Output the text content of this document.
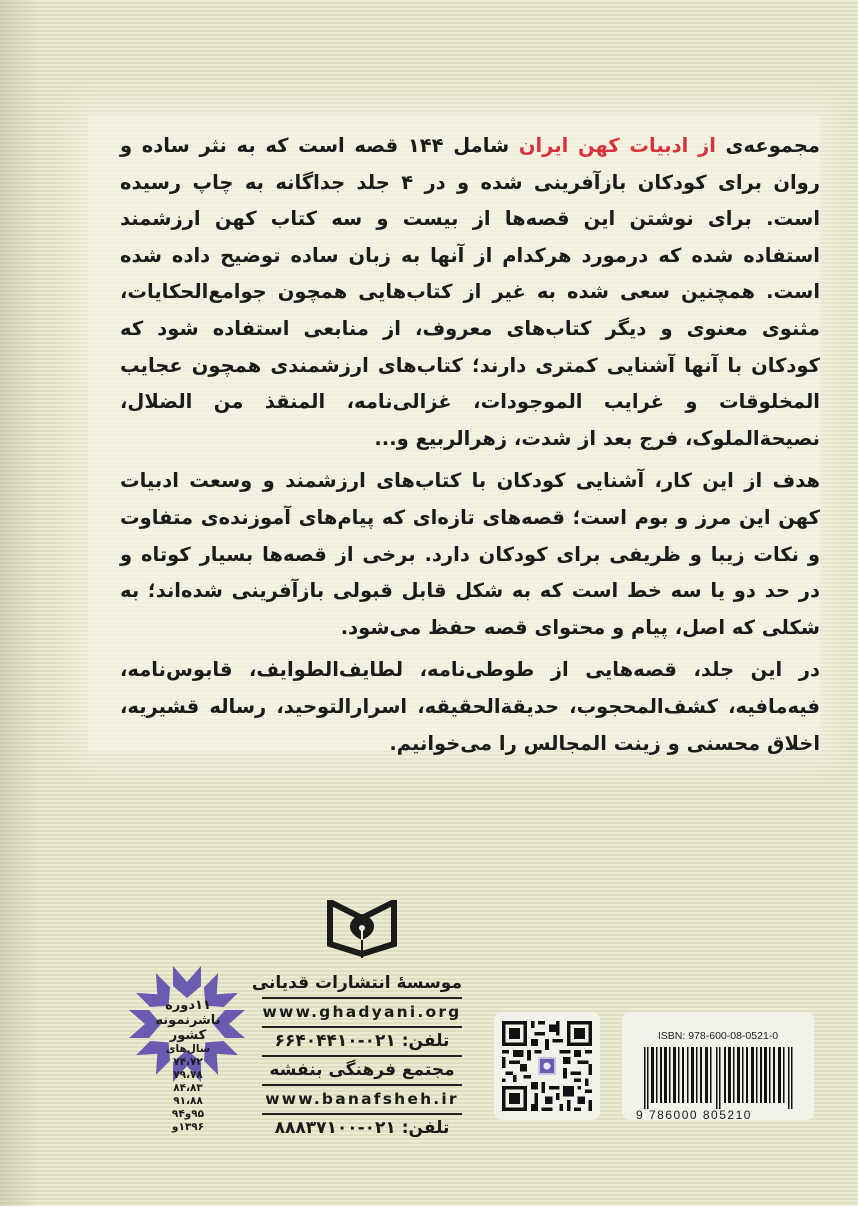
مجموعه‌ی از ادبیات کهن ایران شامل ۱۴۴ قصه است که به نثر ساده و روان برای کودکان بازآفرینی شده و در ۴ جلد جداگانه به چاپ رسیده است. برای نوشتن این قصه‌ها از بیست و سه کتاب کهن ارزشمند استفاده شده که درمورد هرکدام از آنها به زبان ساده توضیح داده شده است. همچنین سعی شده به غیر از کتاب‌هایی همچون جوامع‌الحکایات، مثنوی معنوی و دیگر کتاب‌های معروف، از منابعی استفاده شود که کودکان با آنها آشنایی کمتری دارند؛ کتاب‌های ارزشمندی همچون عجایب المخلوقات و غرایب الموجودات، غزالی‌نامه، المنقذ من الضلال، نصیحة‌الملوک، فرج بعد از شدت، زهرالربیع و...

هدف از این کار، آشنایی کودکان با کتاب‌های ارزشمند و وسعت ادبیات کهن این مرز و بوم است؛ قصه‌های تازه‌ای که پیام‌های آموزنده‌ی متفاوت و نکات زیبا و ظریفی برای کودکان دارد. برخی از قصه‌ها بسیار کوتاه و در حد دو یا سه خط است که به شکل قابل قبولی بازآفرینی شده‌اند؛ به شکلی که اصل، پیام و محتوای قصه حفظ می‌شود.

در این جلد، قصه‌هایی از طوطی‌نامه، لطایف‌الطوایف، قابوس‌نامه، فیه‌ما‌فیه، کشف‌المحجوب، حدیقة‌الحقیقه، اسرارالتوحید، رساله قشیریه، اخلاق محسنی و زینت المجالس را می‌خوانیم.

موسسهٔ انتشارات قدیانی
www.ghadyani.org
تلفن: ۰۲۱-۶۶۴۰۴۴۱۰
مجتمع فرهنگی بنفشه
www.banafsheh.ir
تلفن: ۰۲۱-۸۸۸۳۷۱۰۰
۱۱دوره
ناشرنمونه
کشور
سال‌های
۷۴،۷۲
۷۹،۷۸
۸۴،۸۳
۹۱،۸۸
۹۵و۹۴
۱۳۹۶و
ISBN: 978-600-08-0521-0
9 786000 805210
